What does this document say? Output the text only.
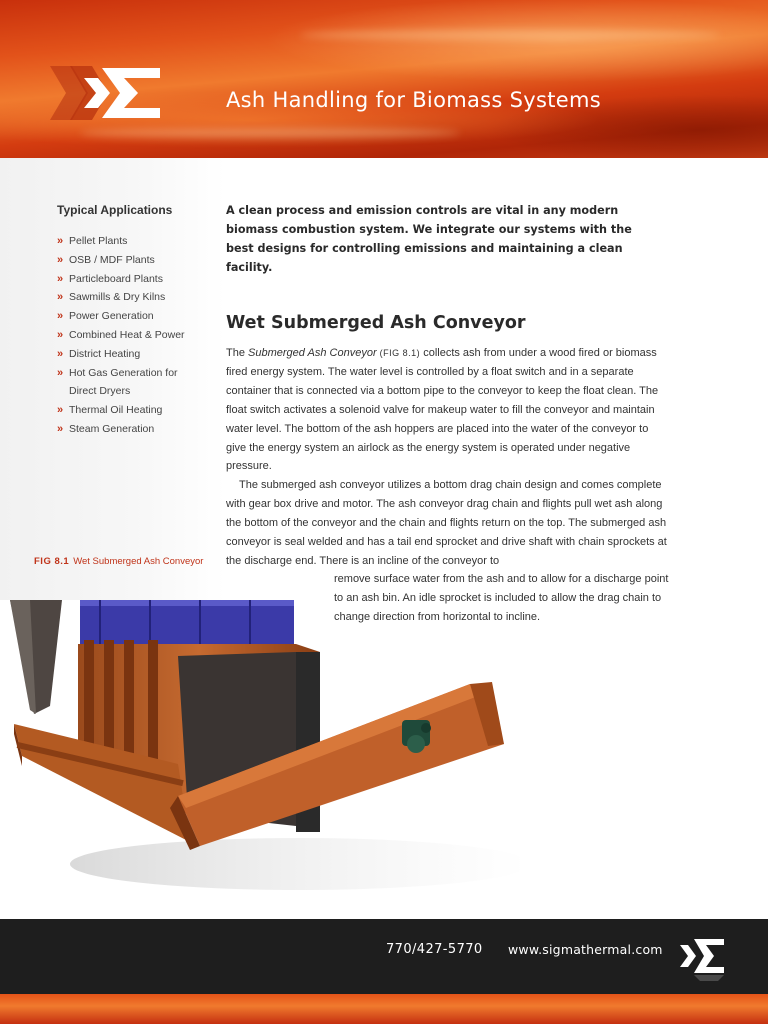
Ash Handling for Biomass Systems
Typical Applications
» Pellet Plants
» OSB / MDF Plants
» Particleboard Plants
» Sawmills & Dry Kilns
» Power Generation
» Combined Heat & Power
» District Heating
» Hot Gas Generation for Direct Dryers
» Thermal Oil Heating
» Steam Generation
FIG 8.1 Wet Submerged Ash Conveyor
A clean process and emission controls are vital in any modern biomass combustion system. We integrate our systems with the best designs for controlling emissions and maintaining a clean facility.
Wet Submerged Ash Conveyor
The Submerged Ash Conveyor (FIG 8.1) collects ash from under a wood fired or biomass fired energy system. The water level is controlled by a float switch and in a separate container that is connected via a bottom pipe to the conveyor to keep the float clean. The float switch activates a solenoid valve for makeup water to fill the conveyor and maintain water level. The bottom of the ash hoppers are placed into the water of the conveyor to give the energy system an airlock as the energy system is operated under negative pressure.
The submerged ash conveyor utilizes a bottom drag chain design and comes complete with gear box drive and motor. The ash conveyor drag chain and flights pull wet ash along the bottom of the conveyor and the chain and flights return on the top. The submerged ash conveyor is seal welded and has a tail end sprocket and drive shaft with chain sprockets at the discharge end. There is an incline of the conveyor to
remove surface water from the ash and to allow for a discharge point to an ash bin. An idle sprocket is included to allow the drag chain to change direction from horizontal to incline.
770/427-5770 www.sigmathermal.com
